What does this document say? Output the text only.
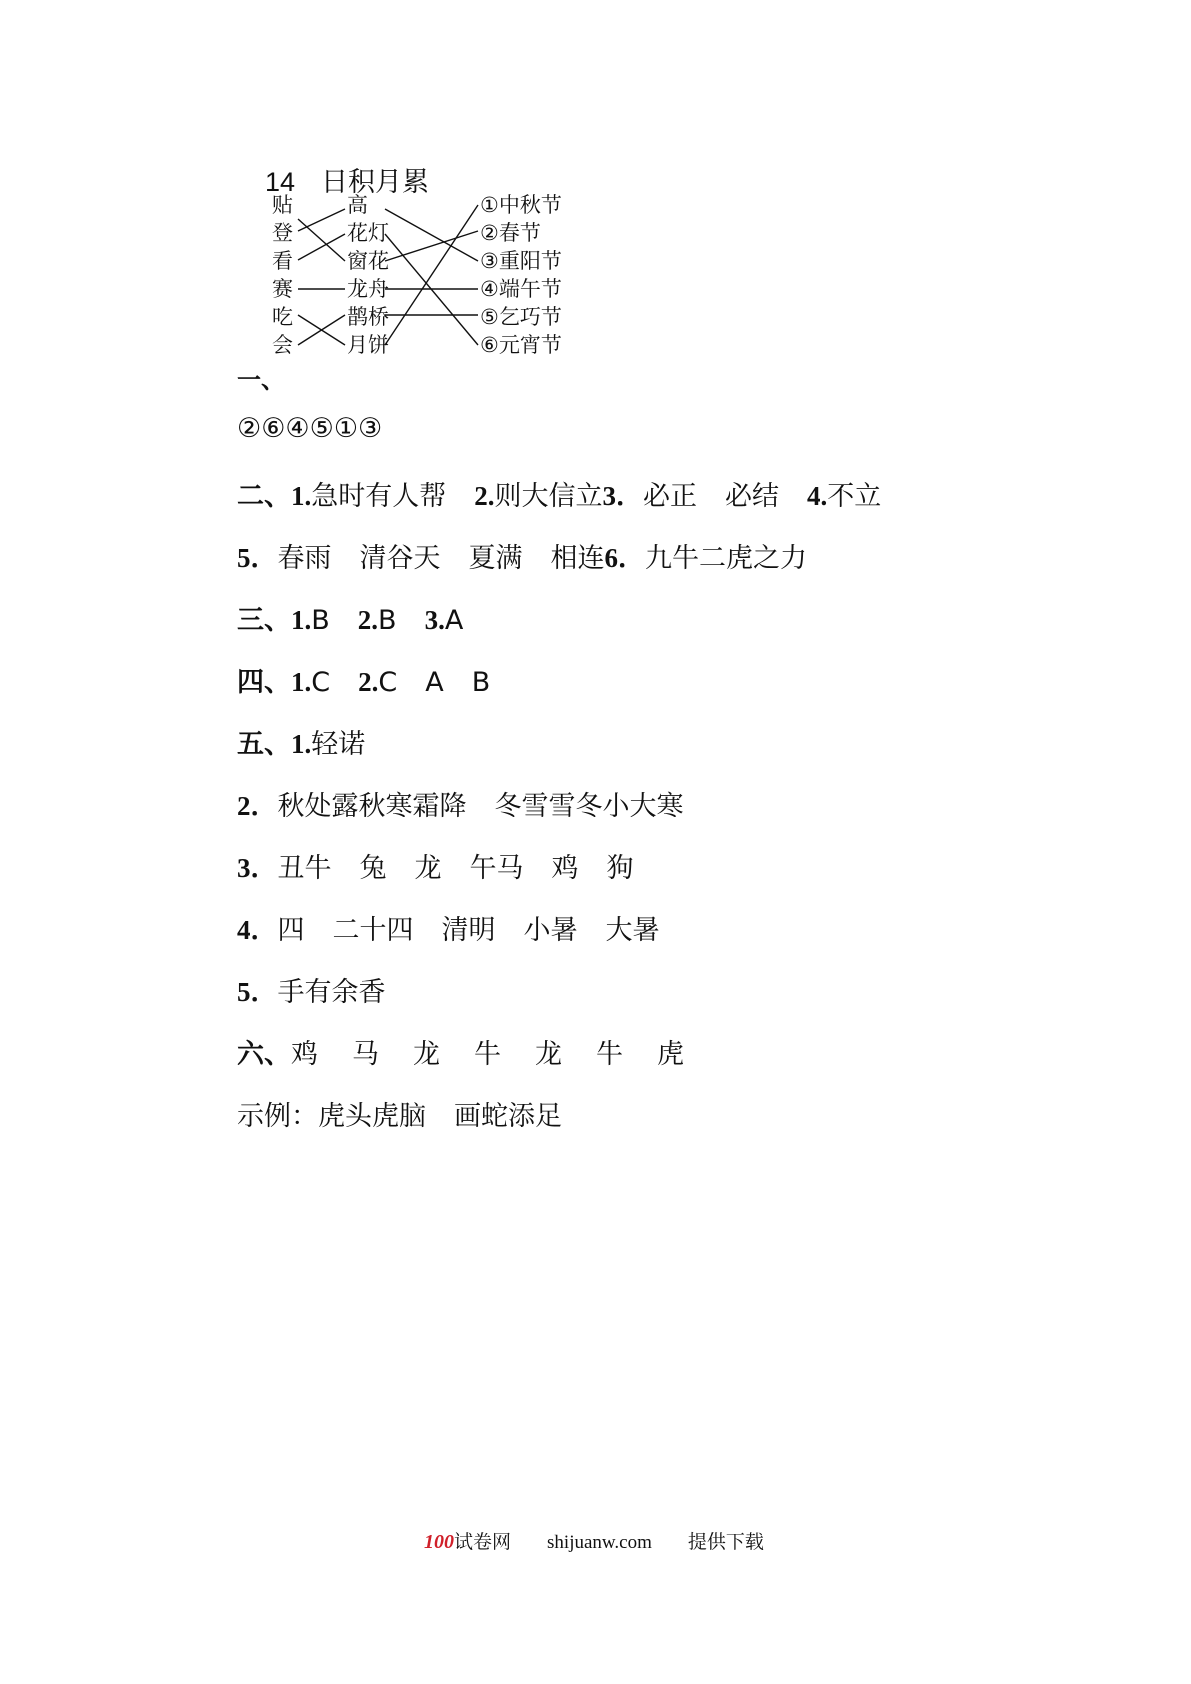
14 日积月累
贴
登
看
赛
吃
会
高
花灯
窗花
龙舟
鹊桥
月饼
①中秋节
②春节
③重阳节
④端午节
⑤乞巧节
⑥元宵节
一、
②⑥④⑤①③
二、1.急时有人帮 2.则大信立3．必正 必结 4.不立
5．春雨 清谷天 夏满 相连6．九牛二虎之力
三、1.B 2.B 3.A
四、1.C 2.C A B
五、1.轻诺
2．秋处露秋寒霜降 冬雪雪冬小大寒
3．丑牛 兔 龙 午马 鸡 狗
4．四 二十四 清明 小暑 大暑
5．手有余香
六、鸡 马 龙 牛 龙 牛 虎
示例：虎头虎脑 画蛇添足
100试卷网 shijuanw.com 提供下载
